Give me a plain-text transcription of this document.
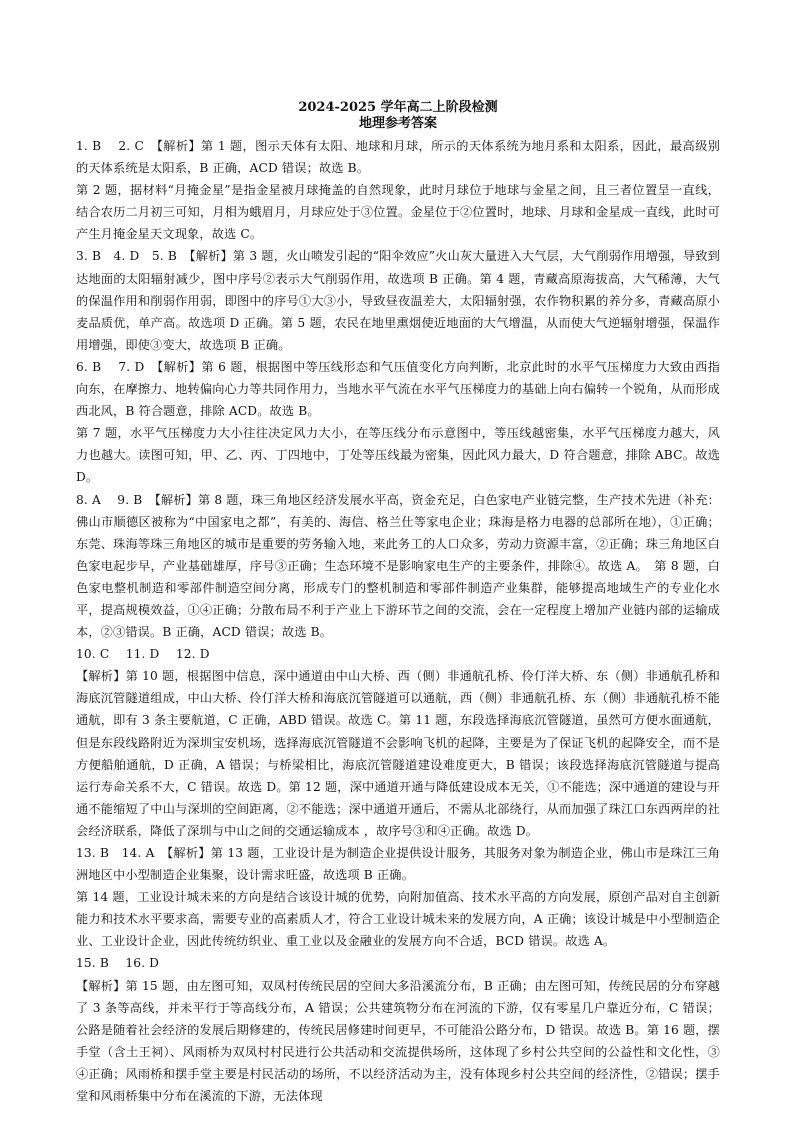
2024-2025 学年高二上阶段检测
地理参考答案

1. B　 2. C　【解析】第 1 题，图示天体有太阳、地球和月球，所示的天体系统为地月系和太阳系，因此，最高级别的天体系统是太阳系，B 正确，ACD 错误；故选 B。

第 2 题，据材料“月掩金星”是指金星被月球掩盖的自然现象，此时月球位于地球与金星之间，且三者位置呈一直线，结合农历二月初三可知，月相为蛾眉月，月球应处于③位置。金星位于②位置时，地球、月球和金星成一直线，此时可产生月掩金星天文现象，故选 C。

3. B　4. D　5. B　【解析】第 3 题，火山喷发引起的“阳伞效应”火山灰大量进入大气层，大气削弱作用增强，导致到达地面的太阳辐射减少，图中序号②表示大气削弱作用，故选项 B 正确。第 4 题，青藏高原海拔高，大气稀薄，大气的保温作用和削弱作用弱，即图中的序号①大③小，导致昼夜温差大，太阳辐射强，农作物积累的养分多，青藏高原小麦品质优，单产高。故选项 D 正确。第 5 题，农民在地里熏烟使近地面的大气增温，从而使大气逆辐射增强，保温作用增强，即使③变大，故选项 B 正确。

6. B　 7. D　【解析】第 6 题，根据图中等压线形态和气压值变化方向判断，北京此时的水平气压梯度力大致由西指向东，在摩擦力、地转偏向心力等共同作用力，当地水平气流在水平气压梯度力的基础上向右偏转一个锐角，从而形成西北风，B 符合题意，排除 ACD。故选 B。

第 7 题，水平气压梯度力大小往往决定风力大小，在等压线分布示意图中，等压线越密集，水平气压梯度力越大，风力也越大。读图可知，甲、乙、丙、丁四地中，丁处等压线最为密集，因此风力最大，D 符合题意，排除 ABC。故选 D。

8. A　 9. B　【解析】第 8 题，珠三角地区经济发展水平高，资金充足，白色家电产业链完整，生产技术先进（补充：佛山市顺德区被称为“中国家电之都”，有美的、海信、格兰仕等家电企业；珠海是格力电器的总部所在地），①正确；东莞、珠海等珠三角地区的城市是重要的劳务输入地，来此务工的人口众多，劳动力资源丰富，②正确；珠三角地区白色家电起步早，产业基础雄厚，序号③正确；生态环境不是影响家电生产的主要条件，排除④。故选 A。　第 8 题，白色家电整机制造和零部件制造空间分离，形成专门的整机制造和零部件制造产业集群，能够提高地域生产的专业化水平，提高规模效益，①④正确；分散布局不利于产业上下游环节之间的交流，会在一定程度上增加产业链内部的运输成本，②③错误。B 正确，ACD 错误；故选 B。

10. C　 11. D　 12. D

【解析】第 10 题，根据图中信息，深中通道由中山大桥、西（侧）非通航孔桥、伶仃洋大桥、东（侧）非通航孔桥和海底沉管隧道组成，中山大桥、伶仃洋大桥和海底沉管隧道可以通航，西（侧）非通航孔桥、东（侧）非通航孔桥不能通航，即有 3 条主要航道，C 正确，ABD 错误。故选 C。第 11 题，东段选择海底沉管隧道，虽然可方便水面通航，但是东段线路附近为深圳宝安机场，选择海底沉管隧道不会影响飞机的起降，主要是为了保证飞机的起降安全，而不是方便船舶通航，D 正确，A 错误；与桥梁相比，海底沉管隧道建设难度更大，B 错误；该段选择海底沉管隧道与提高运行寿命关系不大，C 错误。故选 D。第 12 题，深中通道开通与降低建设成本无关，①不能选；深中通道的建设与开通不能缩短了中山与深圳的空间距离，②不能选；深中通道开通后，不需从北部绕行，从而加强了珠江口东西两岸的社会经济联系，降低了深圳与中山之间的交通运输成本 ，故序号③和④正确。故选 D。

13. B　14. A　【解析】第 13 题，工业设计是为制造企业提供设计服务，其服务对象为制造企业，佛山市是珠江三角洲地区中小型制造企业集聚，设计需求旺盛，故选项 B 正确。

第 14 题，工业设计城未来的方向是结合该设计城的优势，向附加值高、技术水平高的方向发展，原创产品对自主创新能力和技术水平要求高，需要专业的高素质人才，符合工业设计城未来的发展方向，A 正确；该设计城是中小型制造企业、工业设计企业，因此传统纺织业、重工业以及金融业的发展方向不合适，BCD 错误。故选 A。

15. B　 16. D

【解析】第 15 题，由左图可知，双凤村传统民居的空间大多沿溪流分布，B 正确；由左图可知，传统民居的分布穿越了 3 条等高线，并未平行于等高线分布，A 错误；公共建筑物分布在河流的下游，仅有零星几户靠近分布，C 错误；公路是随着社会经济的发展后期修建的，传统民居修建时间更早，不可能沿公路分布，D 错误。故选 B。第 16 题，摆手堂（含土王祠）、风雨桥为双凤村村民进行公共活动和交流提供场所，这体现了乡村公共空间的公益性和文化性，③④正确；风雨桥和摆手堂主要是村民活动的场所，不以经济活动为主，没有体现乡村公共空间的经济性，②错误；摆手堂和风雨桥集中分布在溪流的下游，无法体现
